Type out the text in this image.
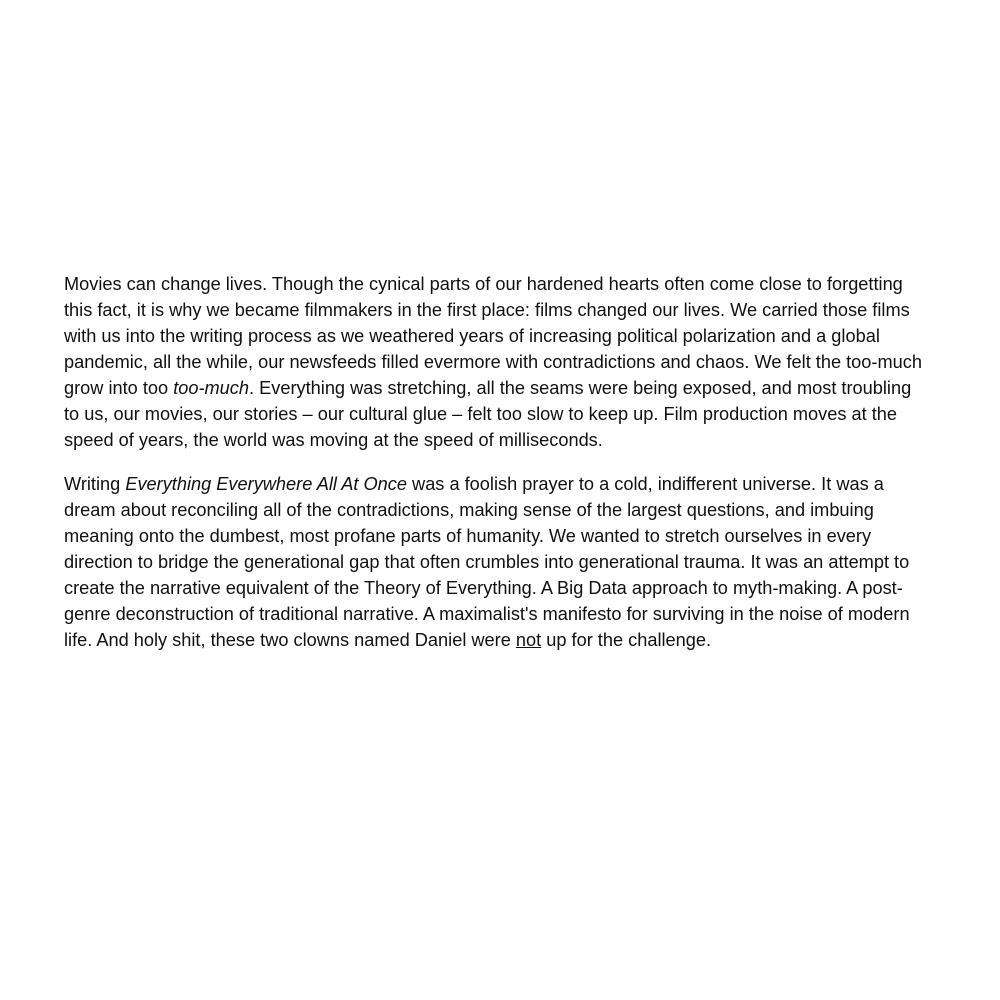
Movies can change lives. Though the cynical parts of our hardened hearts often come close to forgetting this fact, it is why we became filmmakers in the first place: films changed our lives. We carried those films with us into the writing process as we weathered years of increasing political polarization and a global pandemic, all the while, our newsfeeds filled evermore with contradictions and chaos. We felt the too-much grow into too too-much. Everything was stretching, all the seams were being exposed, and most troubling to us, our movies, our stories – our cultural glue – felt too slow to keep up. Film production moves at the speed of years, the world was moving at the speed of milliseconds.

Writing Everything Everywhere All At Once was a foolish prayer to a cold, indifferent universe. It was a dream about reconciling all of the contradictions, making sense of the largest questions, and imbuing meaning onto the dumbest, most profane parts of humanity. We wanted to stretch ourselves in every direction to bridge the generational gap that often crumbles into generational trauma. It was an attempt to create the narrative equivalent of the Theory of Everything. A Big Data approach to myth-making. A post-genre deconstruction of traditional narrative. A maximalist's manifesto for surviving in the noise of modern life. And holy shit, these two clowns named Daniel were not up for the challenge.
